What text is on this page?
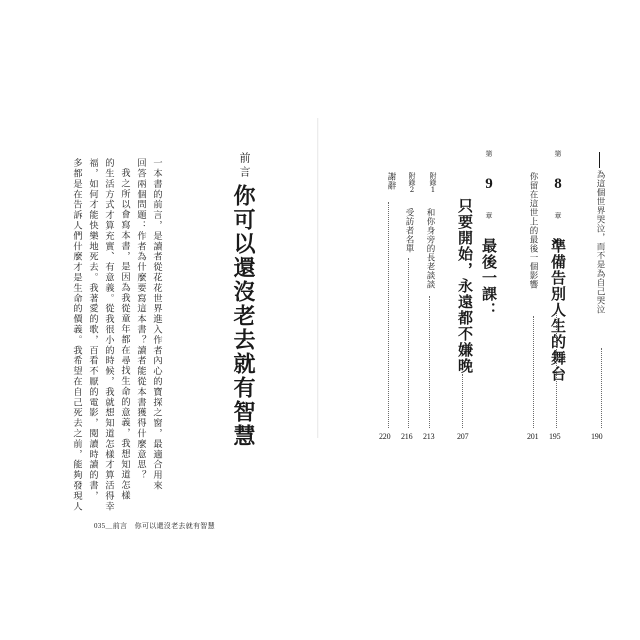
為這個世界哭泣，而不是為自己哭泣
190
第 8 章 準備告別人生的舞台
195
你留在這世上的最後一個影響
201
第 9 章 最後一課：
只要開始，永遠都不嫌晚
207
附錄1
和你身旁的長老談談
213
附錄2
受訪者名單
216
謝辭
220
前言
你可以還沒老去就有智慧
一本書的前言，是讀者從花花世界進入作者內心的寶探之窗，最適合用來
回答兩個問題：作者為什麼要寫這本書？讀者能從本書獲得什麼意思？
我之所以會寫本書，是因為我從童年都在尋找生命的意義，我想知道怎樣
的生活方式才算充實、有意義。從我很小的時候，我就想知道怎樣才算活得幸
福，如何才能快樂地死去。我著愛的歌，百看不厭的電影，閱讀時讀的書，
多都是在告訴人們什麼才是生命的價義。我希望在自己死去之前，能夠發現人
035＿前言　你可以還沒老去就有智慧
